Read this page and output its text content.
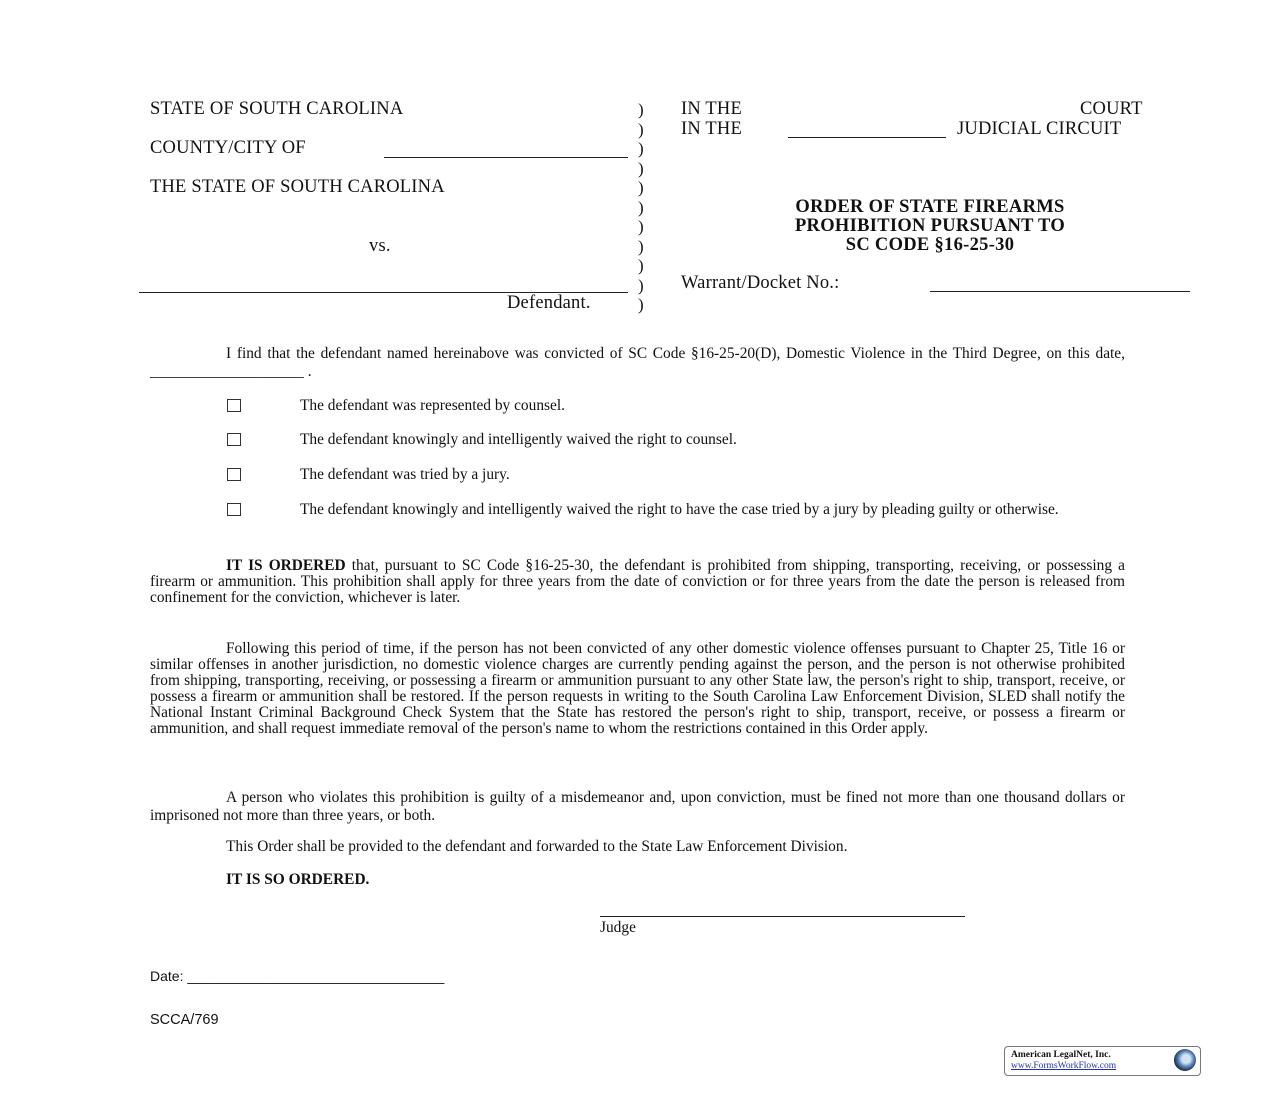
STATE OF SOUTH CAROLINA
COUNTY/CITY OF
THE STATE OF SOUTH CAROLINA
vs.
Defendant.
)
)
)
)
)
)
)
)
)
)
)
IN THE	COURT
IN THE	JUDICIAL CIRCUIT
ORDER OF STATE FIREARMS
PROHIBITION PURSUANT TO
SC CODE §16-25-30
Warrant/Docket No.:
I find that the defendant named hereinabove was convicted of SC Code §16-25-20(D), Domestic Violence in the Third Degree, on this date, ____________________ .
The defendant was represented by counsel.
The defendant knowingly and intelligently waived the right to counsel.
The defendant was tried by a jury.
The defendant knowingly and intelligently waived the right to have the case tried by a jury by pleading guilty or otherwise.
IT IS ORDERED that, pursuant to SC Code §16-25-30, the defendant is prohibited from shipping, transporting, receiving, or possessing a firearm or ammunition. This prohibition shall apply for three years from the date of conviction or for three years from the date the person is released from confinement for the conviction, whichever is later.
Following this period of time, if the person has not been convicted of any other domestic violence offenses pursuant to Chapter 25, Title 16 or similar offenses in another jurisdiction, no domestic violence charges are currently pending against the person, and the person is not otherwise prohibited from shipping, transporting, receiving, or possessing a firearm or ammunition pursuant to any other State law, the person's right to ship, transport, receive, or possess a firearm or ammunition shall be restored. If the person requests in writing to the South Carolina Law Enforcement Division, SLED shall notify the National Instant Criminal Background Check System that the State has restored the person's right to ship, transport, receive, or possess a firearm or ammunition, and shall request immediate removal of the person's name to whom the restrictions contained in this Order apply.
A person who violates this prohibition is guilty of a misdemeanor and, upon conviction, must be fined not more than one thousand dollars or imprisoned not more than three years, or both.
This Order shall be provided to the defendant and forwarded to the State Law Enforcement Division.
IT IS SO ORDERED.
Judge
Date: _________________________________
SCCA/769
American LegalNet, Inc.
www.FormsWorkFlow.com
